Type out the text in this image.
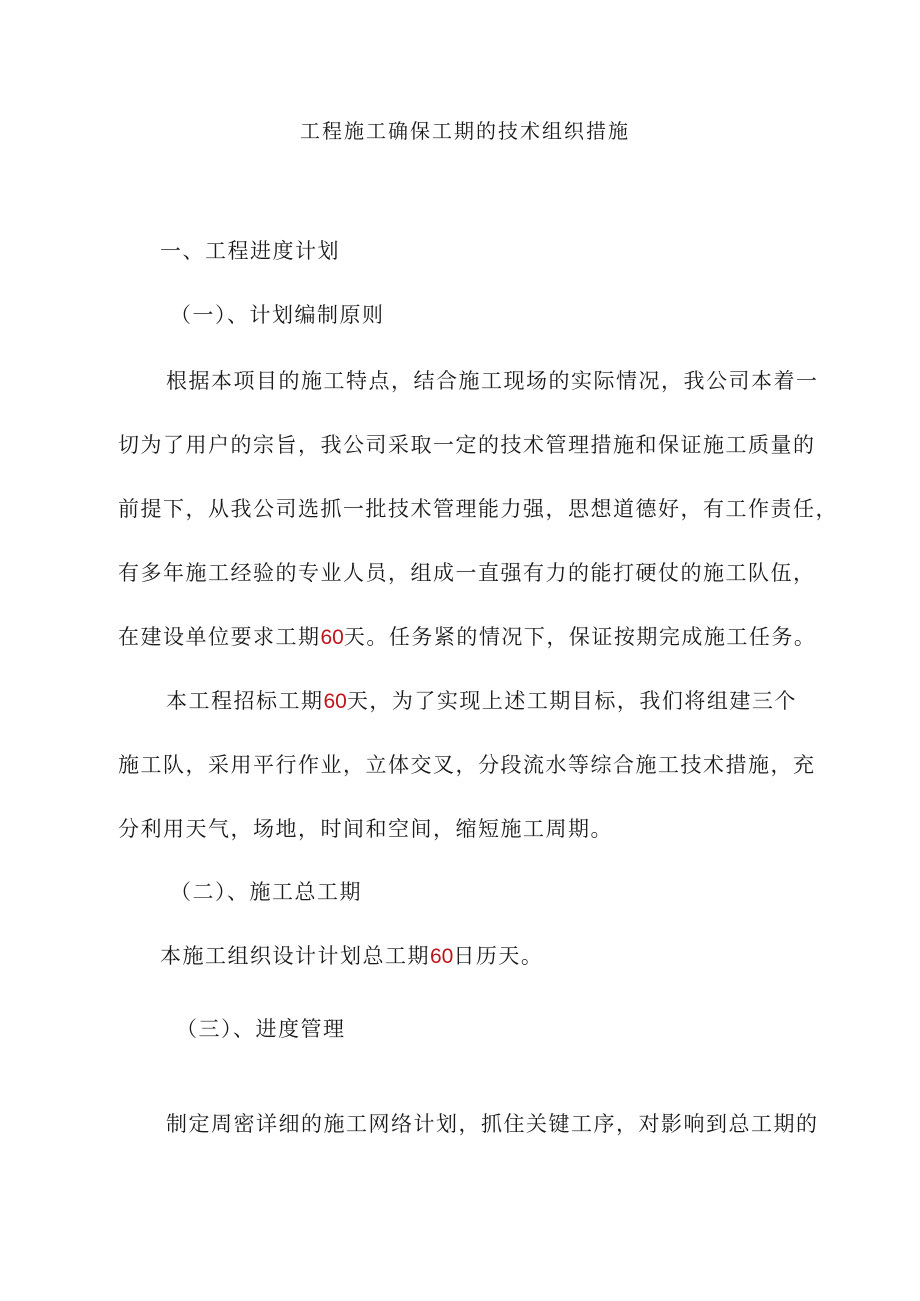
工程施工确保工期的技术组织措施
一、工程进度计划
（一）、计划编制原则
根据本项目的施工特点，结合施工现场的实际情况，我公司本着一
切为了用户的宗旨，我公司采取一定的技术管理措施和保证施工质量的
前提下，从我公司选抓一批技术管理能力强，思想道德好，有工作责任，
有多年施工经验的专业人员，组成一直强有力的能打硬仗的施工队伍，
在建设单位要求工期60天。任务紧的情况下，保证按期完成施工任务。
本工程招标工期60天，为了实现上述工期目标，我们将组建三个
施工队，采用平行作业，立体交叉，分段流水等综合施工技术措施，充
分利用天气，场地，时间和空间，缩短施工周期。
（二）、施工总工期
本施工组织设计计划总工期60日历天。
（三）、进度管理
制定周密详细的施工网络计划，抓住关键工序，对影响到总工期的
